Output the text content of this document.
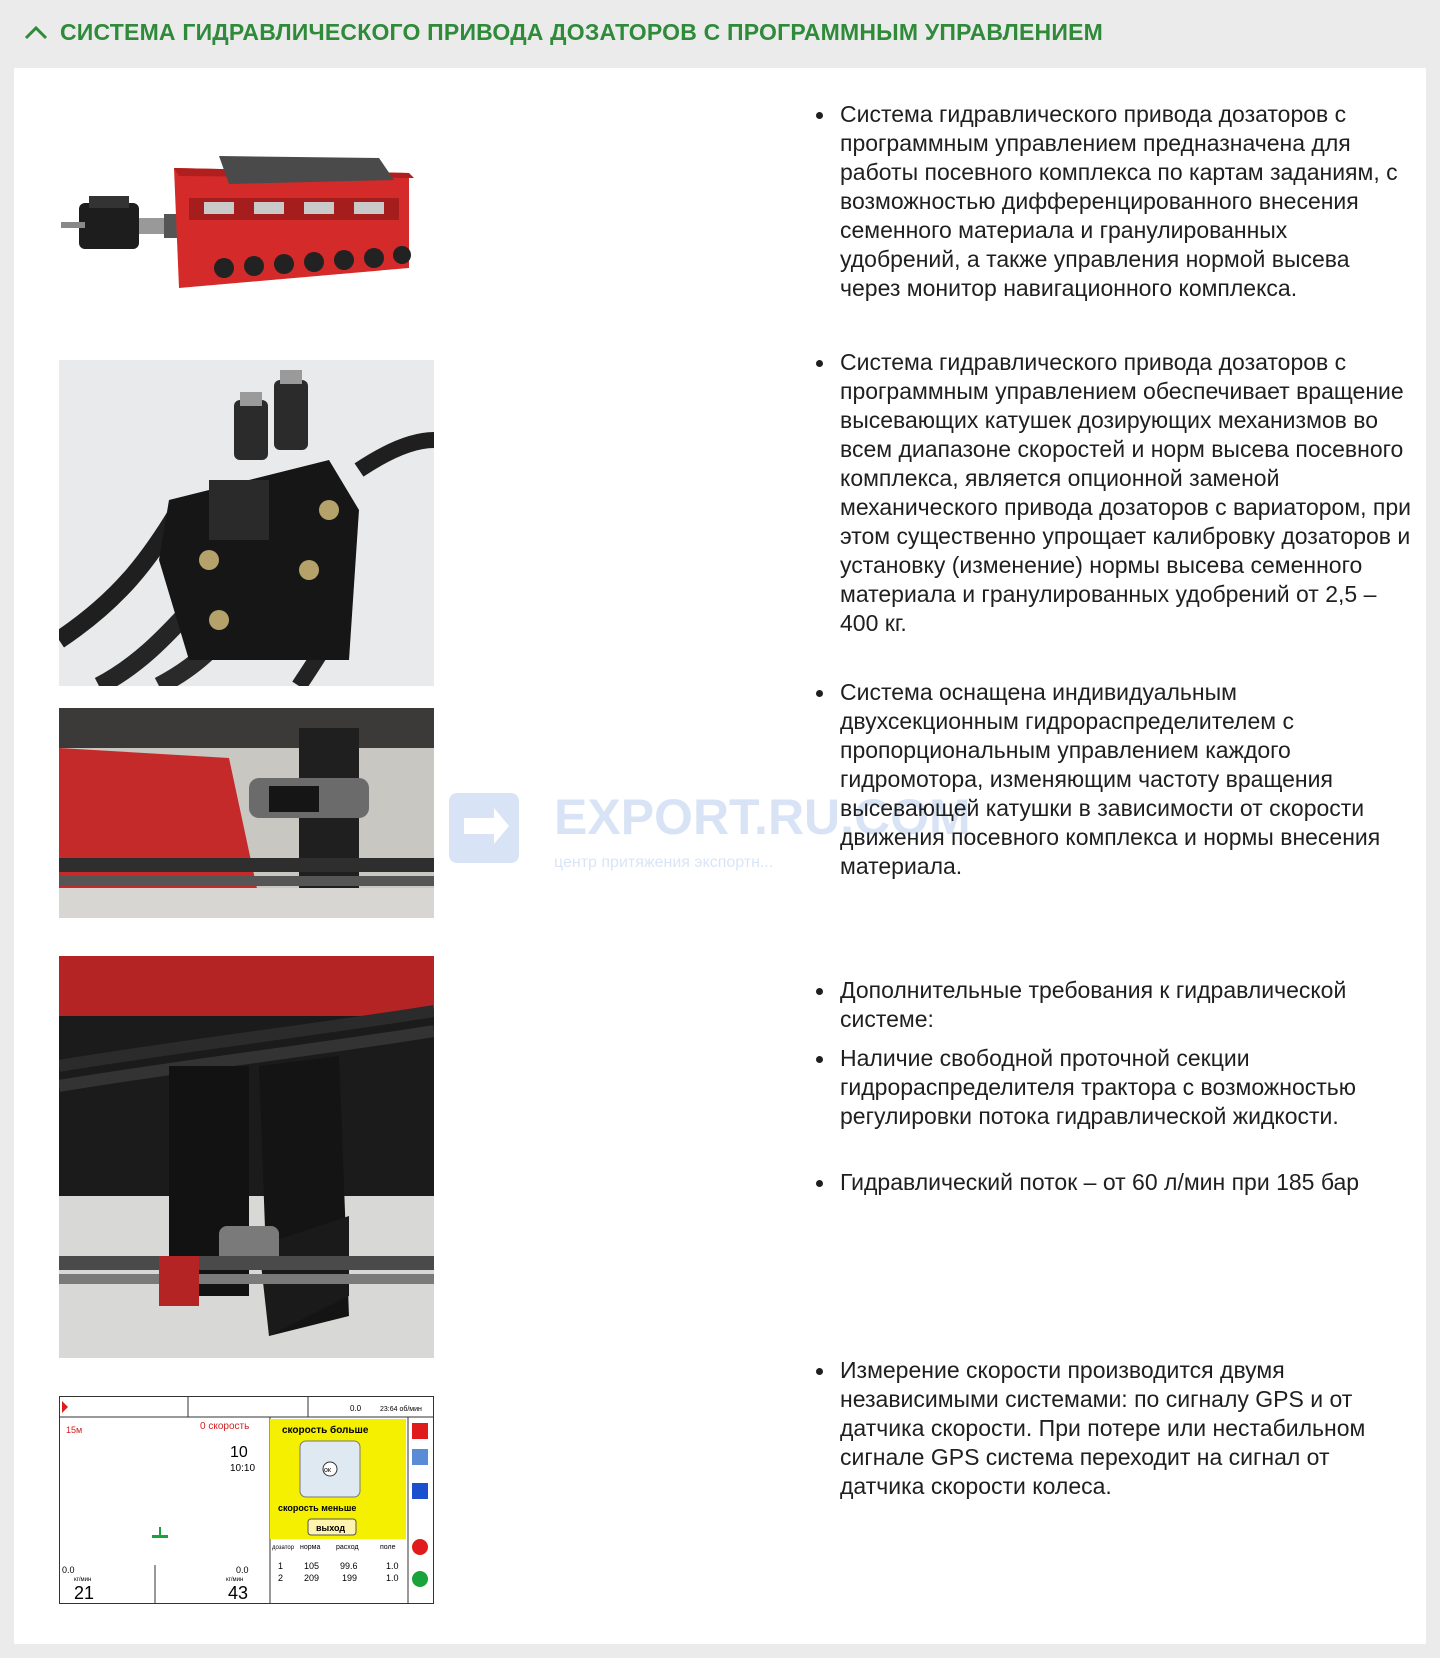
СИСТЕМА ГИДРАВЛИЧЕСКОГО ПРИВОДА ДОЗАТОРОВ С ПРОГРАММНЫМ УПРАВЛЕНИЕМ
0.0	23:64 об/мин
15м	0 скорость
10
10:10
скорость больше
ок
скорость меньше
выход
дозатор норма расход	поле
1 105 99.6	1.0
2 209	199	1.0
0.0
кг/мин
21
0.0
кг/мин
43
EXPORT.RU.COM
центр притяжения экспортн...
Система гидравлического привода дозаторов с программным управлением предназначена для работы посевного комплекса по картам заданиям, с возможностью дифференцированного внесения семенного материала и гранулированных удобрений, а также управления нормой высева через монитор навигационного комплекса.
Система гидравлического привода дозаторов с программным управлением обеспечивает вращение высевающих катушек дозирующих механизмов во всем диапазоне скоростей и норм высева посевного комплекса, является опционной заменой механического привода дозаторов с вариатором, при этом существенно упрощает калибровку дозаторов и установку (изменение) нормы высева семенного материала и гранулированных удобрений от 2,5 – 400 кг.
Система оснащена индивидуальным двухсекционным гидрораспределителем с пропорциональным управлением каждого гидромотора, изменяющим частоту вращения высевающей катушки в зависимости от скорости движения посевного комплекса и нормы внесения материала.
Дополнительные требования к гидравлической системе:
Наличие свободной проточной секции гидрораспределителя трактора с возможностью регулировки потока гидравлической жидкости.
Гидравлический поток – от 60 л/мин при 185 бар
Измерение скорости производится двумя независимыми системами: по сигналу GPS и от датчика скорости. При потере или нестабильном сигнале GPS система переходит на сигнал от датчика скорости колеса.
